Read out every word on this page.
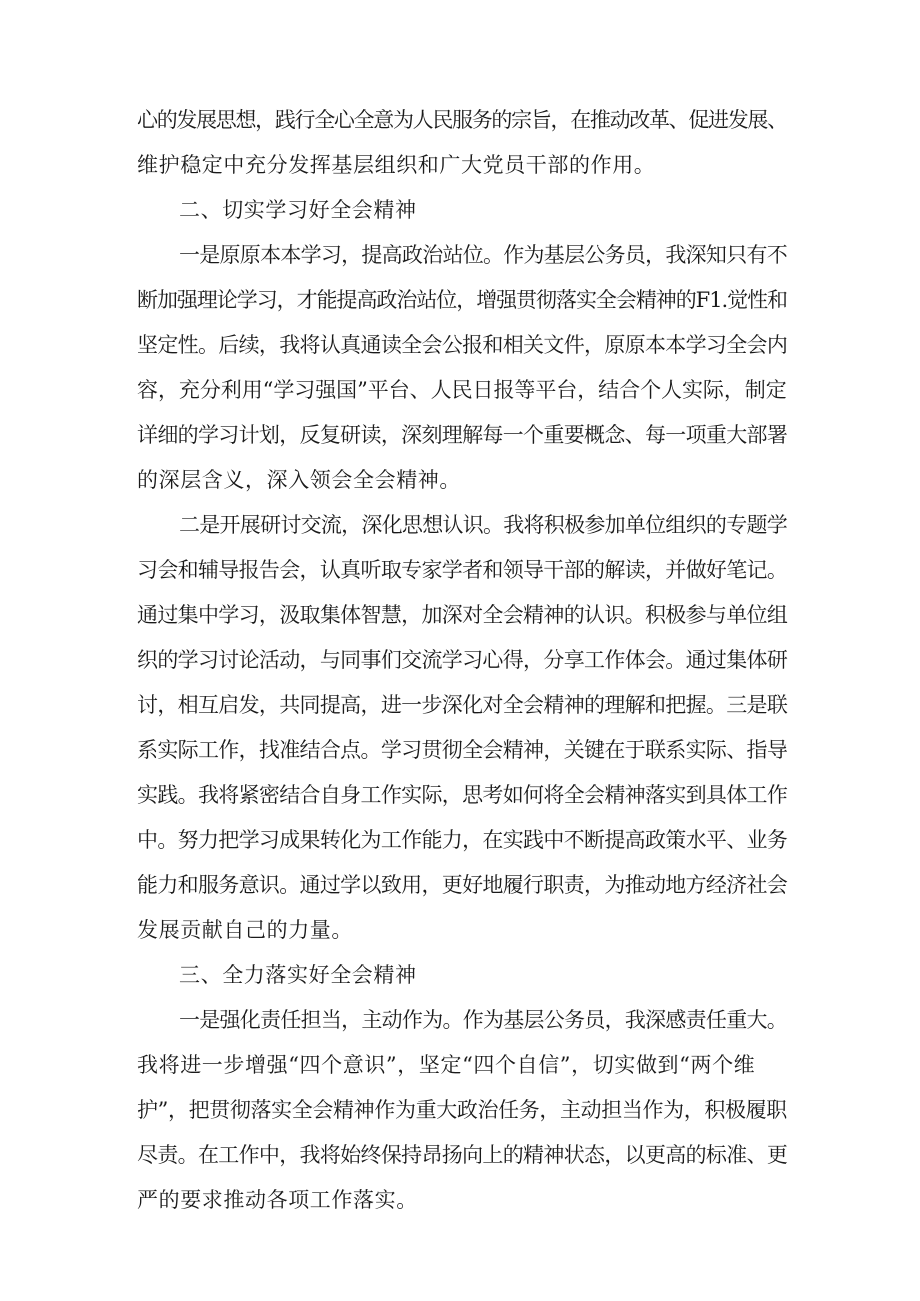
心的发展思想，践行全心全意为人民服务的宗旨，在推动改革、促进发展、
维护稳定中充分发挥基层组织和广大党员干部的作用。
二、切实学习好全会精神
一是原原本本学习，提高政治站位。作为基层公务员，我深知只有不
断加强理论学习，才能提高政治站位，增强贯彻落实全会精神的F1.觉性和
坚定性。后续，我将认真通读全会公报和相关文件，原原本本学习全会内
容，充分利用“学习强国”平台、人民日报等平台，结合个人实际，制定
详细的学习计划，反复研读，深刻理解每一个重要概念、每一项重大部署
的深层含义，深入领会全会精神。
二是开展研讨交流，深化思想认识。我将积极参加单位组织的专题学
习会和辅导报告会，认真听取专家学者和领导干部的解读，并做好笔记。
通过集中学习，汲取集体智慧，加深对全会精神的认识。积极参与单位组
织的学习讨论活动，与同事们交流学习心得，分享工作体会。通过集体研
讨，相互启发，共同提高，进一步深化对全会精神的理解和把握。三是联
系实际工作，找准结合点。学习贯彻全会精神，关键在于联系实际、指导
实践。我将紧密结合自身工作实际，思考如何将全会精神落实到具体工作
中。努力把学习成果转化为工作能力，在实践中不断提高政策水平、业务
能力和服务意识。通过学以致用，更好地履行职责，为推动地方经济社会
发展贡献自己的力量。
三、全力落实好全会精神
一是强化责任担当，主动作为。作为基层公务员，我深感责任重大。
我将进一步增强“四个意识”，坚定“四个自信”，切实做到“两个维
护”，把贯彻落实全会精神作为重大政治任务，主动担当作为，积极履职
尽责。在工作中，我将始终保持昂扬向上的精神状态，以更高的标准、更
严的要求推动各项工作落实。
